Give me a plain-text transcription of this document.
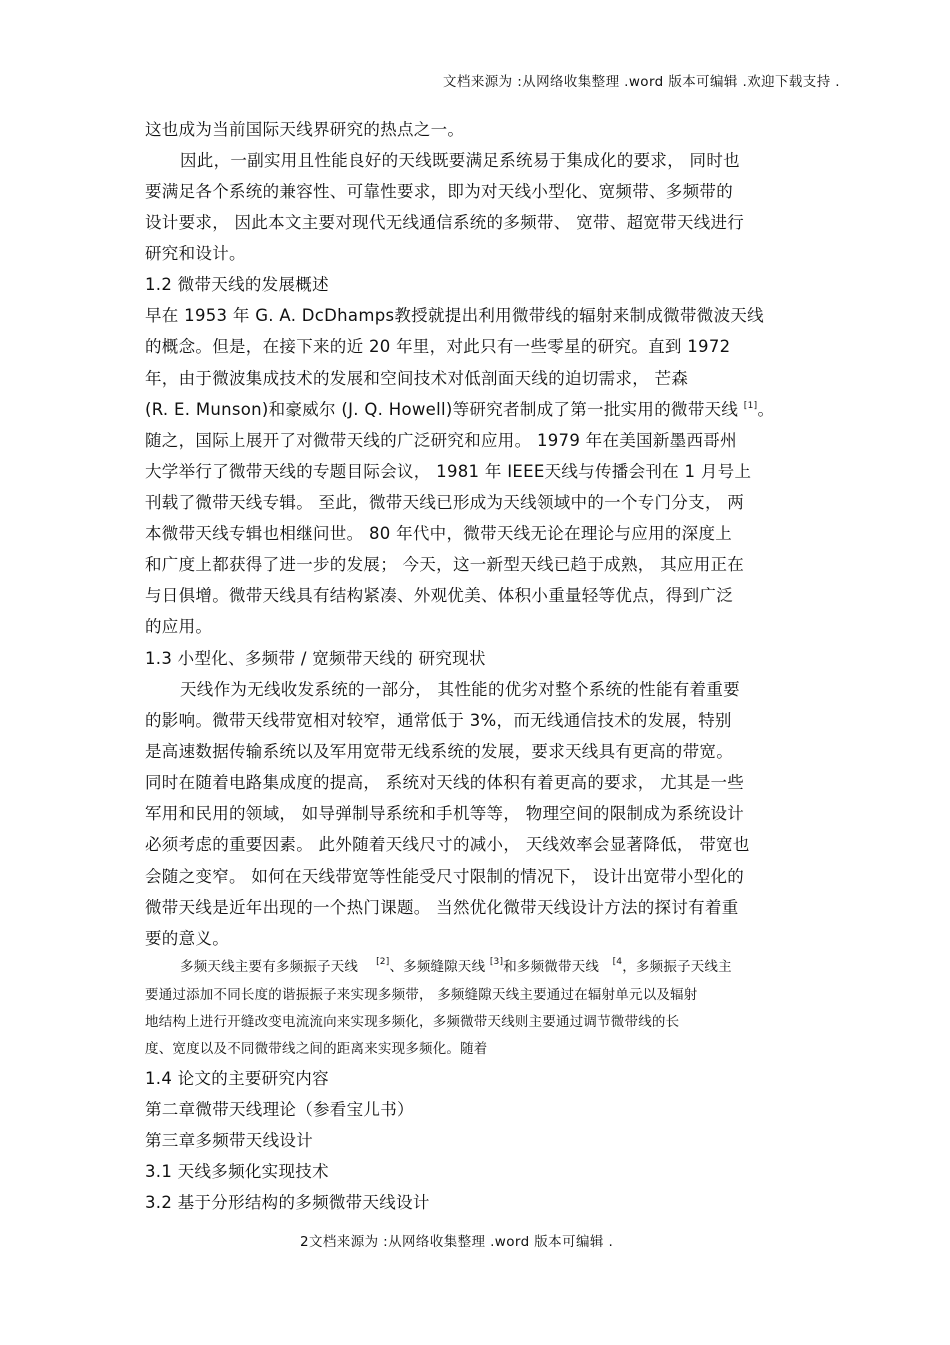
文档来源为 :从网络收集整理 .word 版本可编辑 .欢迎下载支持 .
这也成为当前国际天线界研究的热点之一。
因此，一副实用且性能良好的天线既要满足系统易于集成化的要求， 同时也
要满足各个系统的兼容性、可靠性要求，即为对天线小型化、宽频带、多频带的
设计要求， 因此本文主要对现代无线通信系统的多频带、 宽带、超宽带天线进行
研究和设计。
1.2 微带天线的发展概述
早在 1953 年 G. A. DcDhamps教授就提出利用微带线的辐射来制成微带微波天线
的概念。但是，在接下来的近 20 年里，对此只有一些零星的研究。直到 1972
年，由于微波集成技术的发展和空间技术对低剖面天线的迫切需求， 芒森
(R. E. Munson)和豪威尔 (J. Q. Howell)等研究者制成了第一批实用的微带天线 [1]。
随之，国际上展开了对微带天线的广泛研究和应用。 1979 年在美国新墨西哥州
大学举行了微带天线的专题目际会议， 1981 年 IEEE天线与传播会刊在 1 月号上
刊载了微带天线专辑。 至此，微带天线已形成为天线领域中的一个专门分支， 两
本微带天线专辑也相继问世。 80 年代中，微带天线无论在理论与应用的深度上
和广度上都获得了进一步的发展； 今天，这一新型天线已趋于成熟， 其应用正在
与日俱增。微带天线具有结构紧凑、外观优美、体积小重量轻等优点，得到广泛
的应用。
1.3 小型化、多频带 / 宽频带天线的 研究现状
天线作为无线收发系统的一部分， 其性能的优劣对整个系统的性能有着重要
的影响。微带天线带宽相对较窄，通常低于 3%，而无线通信技术的发展，特别
是高速数据传输系统以及军用宽带无线系统的发展，要求天线具有更高的带宽。
同时在随着电路集成度的提高， 系统对天线的体积有着更高的要求， 尤其是一些
军用和民用的领域， 如导弹制导系统和手机等等， 物理空间的限制成为系统设计
必须考虑的重要因素。 此外随着天线尺寸的减小， 天线效率会显著降低， 带宽也
会随之变窄。 如何在天线带宽等性能受尺寸限制的情况下， 设计出宽带小型化的
微带天线是近年出现的一个热门课题。 当然优化微带天线设计方法的探讨有着重
要的意义。
多频天线主要有多频振子天线 [2]、多频缝隙天线 [3]和多频微带天线 $^{[4}$，多频振子天线主
要通过添加不同长度的谐振振子来实现多频带， 多频缝隙天线主要通过在辐射单元以及辐射
地结构上进行开缝改变电流流向来实现多频化，多频微带天线则主要通过调节微带线的长
度、宽度以及不同微带线之间的距离来实现多频化。随着
1.4 论文的主要研究内容
第二章微带天线理论（参看宝儿书）
第三章多频带天线设计
3.1 天线多频化实现技术
3.2 基于分形结构的多频微带天线设计
2文档来源为 :从网络收集整理 .word 版本可编辑 .
